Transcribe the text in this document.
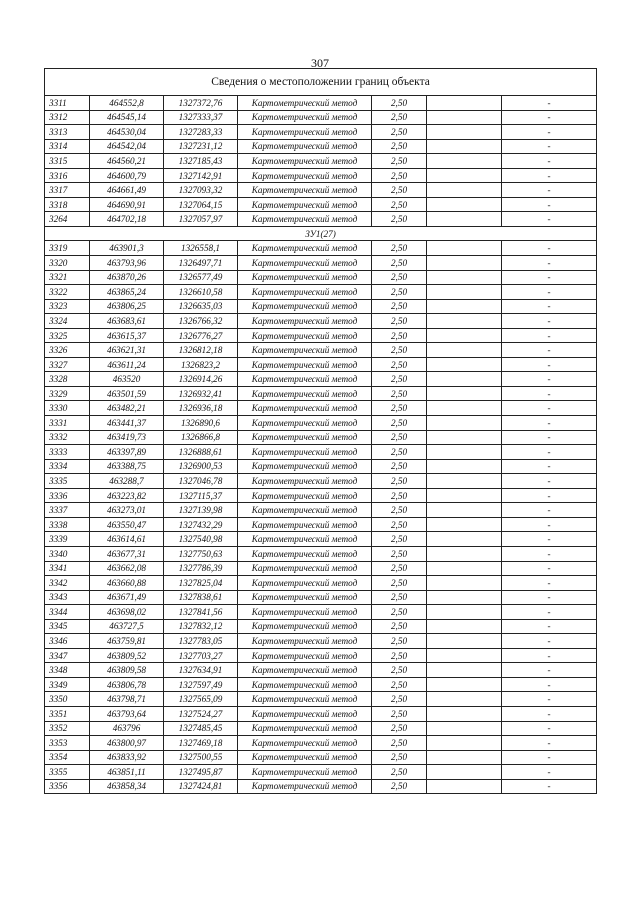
307
Сведения о местоположении границ объекта						
3311	464552,8	1327372,76	Картометрический метод	2,50		-
3312	464545,14	1327333,37	Картометрический метод	2,50		-
3313	464530,04	1327283,33	Картометрический метод	2,50		-
3314	464542,04	1327231,12	Картометрический метод	2,50		-
3315	464560,21	1327185,43	Картометрический метод	2,50		-
3316	464600,79	1327142,91	Картометрический метод	2,50		-
3317	464661,49	1327093,32	Картометрический метод	2,50		-
3318	464690,91	1327064,15	Картометрический метод	2,50		-
3264	464702,18	1327057,97	Картометрический метод	2,50		-
ЗУ1(27)						
3319	463901,3	1326558,1	Картометрический метод	2,50		-
3320	463793,96	1326497,71	Картометрический метод	2,50		-
3321	463870,26	1326577,49	Картометрический метод	2,50		-
3322	463865,24	1326610,58	Картометрический метод	2,50		-
3323	463806,25	1326635,03	Картометрический метод	2,50		-
3324	463683,61	1326766,32	Картометрический метод	2,50		-
3325	463615,37	1326776,27	Картометрический метод	2,50		-
3326	463621,31	1326812,18	Картометрический метод	2,50		-
3327	463611,24	1326823,2	Картометрический метод	2,50		-
3328	463520	1326914,26	Картометрический метод	2,50		-
3329	463501,59	1326932,41	Картометрический метод	2,50		-
3330	463482,21	1326936,18	Картометрический метод	2,50		-
3331	463441,37	1326890,6	Картометрический метод	2,50		-
3332	463419,73	1326866,8	Картометрический метод	2,50		-
3333	463397,89	1326888,61	Картометрический метод	2,50		-
3334	463388,75	1326900,53	Картометрический метод	2,50		-
3335	463288,7	1327046,78	Картометрический метод	2,50		-
3336	463223,82	1327115,37	Картометрический метод	2,50		-
3337	463273,01	1327139,98	Картометрический метод	2,50		-
3338	463550,47	1327432,29	Картометрический метод	2,50		-
3339	463614,61	1327540,98	Картометрический метод	2,50		-
3340	463677,31	1327750,63	Картометрический метод	2,50		-
3341	463662,08	1327786,39	Картометрический метод	2,50		-
3342	463660,88	1327825,04	Картометрический метод	2,50		-
3343	463671,49	1327838,61	Картометрический метод	2,50		-
3344	463698,02	1327841,56	Картометрический метод	2,50		-
3345	463727,5	1327832,12	Картометрический метод	2,50		-
3346	463759,81	1327783,05	Картометрический метод	2,50		-
3347	463809,52	1327703,27	Картометрический метод	2,50		-
3348	463809,58	1327634,91	Картометрический метод	2,50		-
3349	463806,78	1327597,49	Картометрический метод	2,50		-
3350	463798,71	1327565,09	Картометрический метод	2,50		-
3351	463793,64	1327524,27	Картометрический метод	2,50		-
3352	463796	1327485,45	Картометрический метод	2,50		-
3353	463800,97	1327469,18	Картометрический метод	2,50		-
3354	463833,92	1327500,55	Картометрический метод	2,50		-
3355	463851,11	1327495,87	Картометрический метод	2,50		-
3356	463858,34	1327424,81	Картометрический метод	2,50		-
